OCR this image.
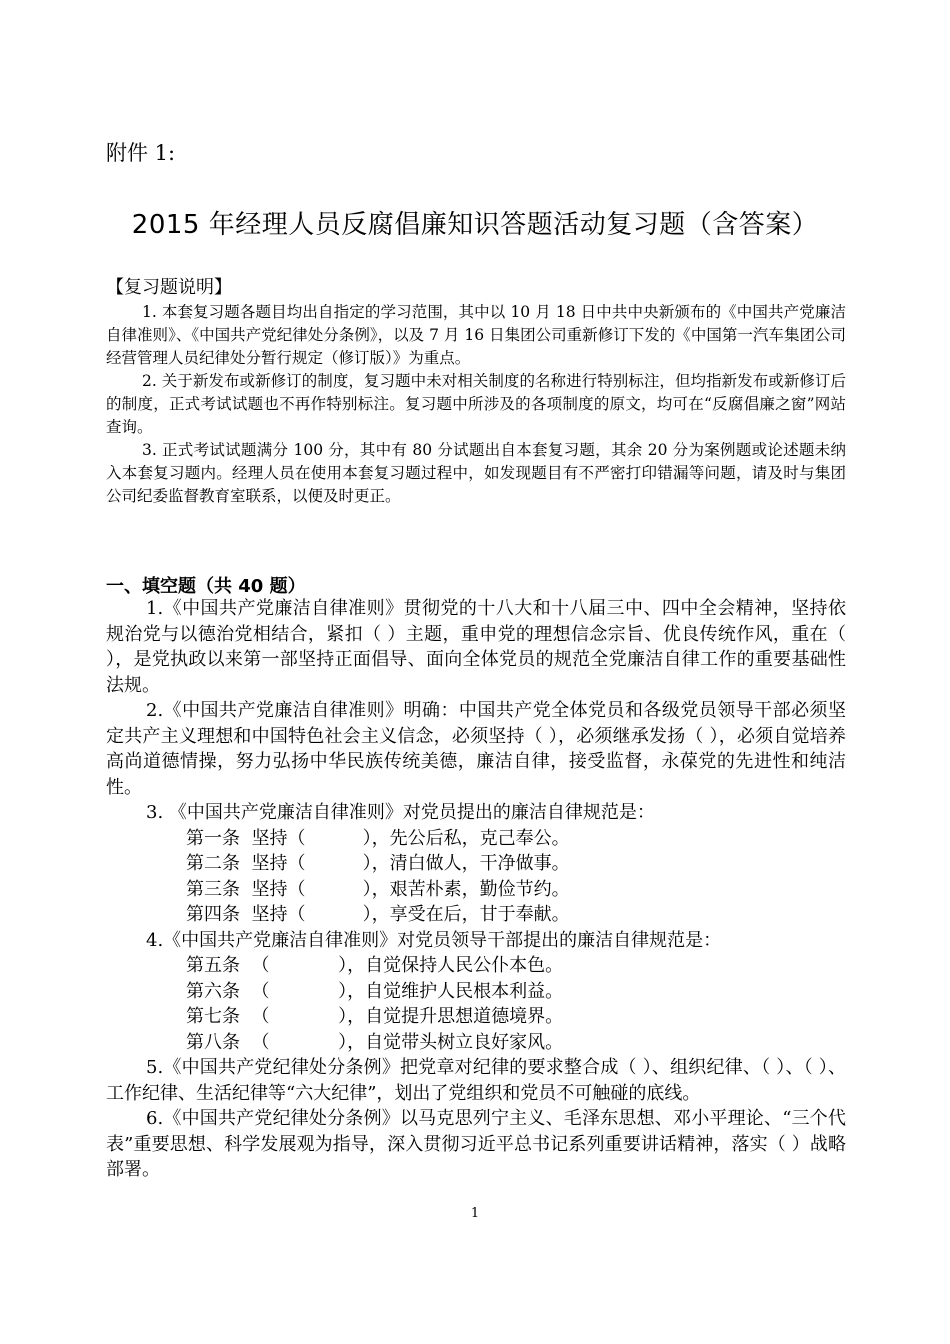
附件 1:
2015 年经理人员反腐倡廉知识答题活动复习题（含答案）
【复习题说明】

1. 本套复习题各题目均出自指定的学习范围，其中以 10 月 18 日中共中央新颁布的《中国共产党廉洁自律准则》、《中国共产党纪律处分条例》，以及 7 月 16 日集团公司重新修订下发的《中国第一汽车集团公司经营管理人员纪律处分暂行规定（修订版）》为重点。

2. 关于新发布或新修订的制度，复习题中未对相关制度的名称进行特别标注，但均指新发布或新修订后的制度，正式考试试题也不再作特别标注。复习题中所涉及的各项制度的原文，均可在“反腐倡廉之窗”网站查询。

3. 正式考试试题满分 100 分，其中有 80 分试题出自本套复习题，其余 20 分为案例题或论述题未纳入本套复习题内。经理人员在使用本套复习题过程中，如发现题目有不严密打印错漏等问题，请及时与集团公司纪委监督教育室联系，以便及时更正。

一、填空题（共 40 题）

1.《中国共产党廉洁自律准则》贯彻党的十八大和十八届三中、四中全会精神，坚持依规治党与以德治党相结合，紧扣（ ）主题，重申党的理想信念宗旨、优良传统作风，重在（ ），是党执政以来第一部坚持正面倡导、面向全体党员的规范全党廉洁自律工作的重要基础性法规。

2.《中国共产党廉洁自律准则》明确：中国共产党全体党员和各级党员领导干部必须坚定共产主义理想和中国特色社会主义信念，必须坚持（ ），必须继承发扬（ ），必须自觉培养高尚道德情操，努力弘扬中华民族传统美德，廉洁自律，接受监督，永葆党的先进性和纯洁性。

3. 《中国共产党廉洁自律准则》对党员提出的廉洁自律规范是：

第一条  坚持（          ），先公后私，克己奉公。
第二条  坚持（          ），清白做人，干净做事。
第三条  坚持（          ），艰苦朴素，勤俭节约。
第四条  坚持（          ），享受在后，甘于奉献。

4.《中国共产党廉洁自律准则》对党员领导干部提出的廉洁自律规范是：

第五条  （            ），自觉保持人民公仆本色。
第六条  （            ），自觉维护人民根本利益。
第七条  （            ），自觉提升思想道德境界。
第八条  （            ），自觉带头树立良好家风。

5.《中国共产党纪律处分条例》把党章对纪律的要求整合成（ ）、组织纪律、（ ）、（ ）、工作纪律、生活纪律等“六大纪律”，划出了党组织和党员不可触碰的底线。

6.《中国共产党纪律处分条例》以马克思列宁主义、毛泽东思想、邓小平理论、“三个代表”重要思想、科学发展观为指导，深入贯彻习近平总书记系列重要讲话精神，落实（ ）战略部署。

1
